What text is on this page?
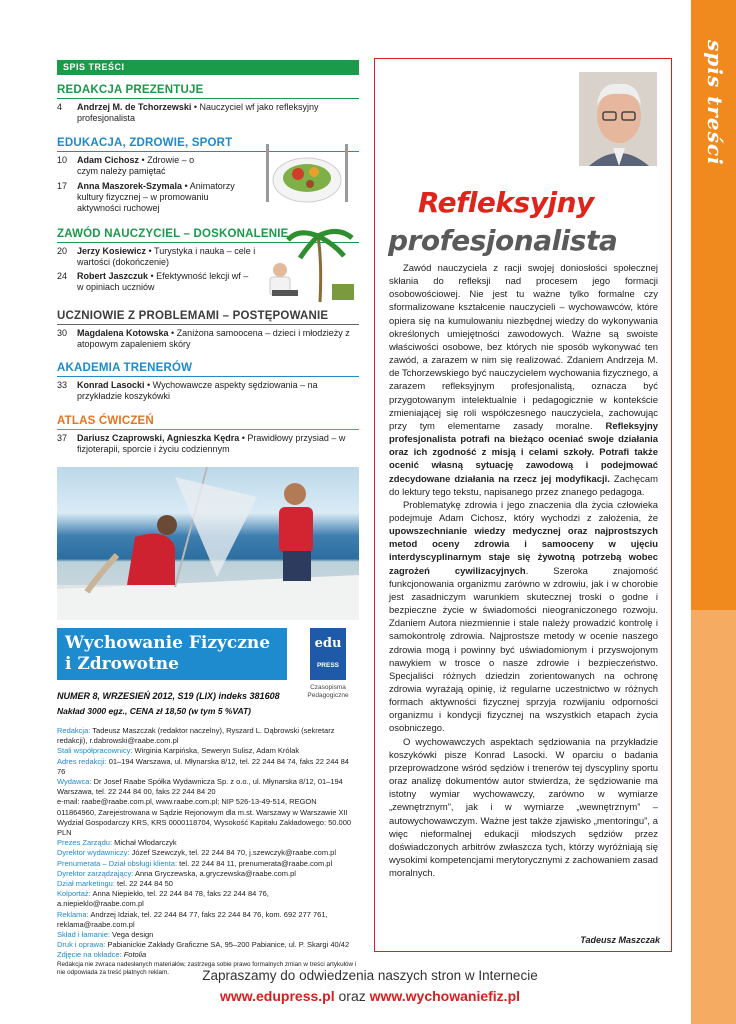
spis treści
SPIS TREŚCI
REDAKCJA PREZENTUJE
4	Andrzej M. de Tchorzewski • Nauczyciel wf jako refleksyjny profesjonalista
EDUKACJA, ZDROWIE, SPORT
10	Adam Cichosz • Zdrowie – o czym należy pamiętać
17	Anna Maszorek-Szymala • Animatorzy kultury fizycznej – w promowaniu aktywności ruchowej
ZAWÓD NAUCZYCIEL – DOSKONALENIE
20	Jerzy Kosiewicz • Turystyka i nauka – cele i wartości (dokończenie)
24	Robert Jaszczuk • Efektywność lekcji wf – w opiniach uczniów
UCZNIOWIE Z PROBLEMAMI – POSTĘPOWANIE
30	Magdalena Kotowska • Zaniżona samoocena – dzieci i młodzieży z atopowym zapaleniem skóry
AKADEMIA TRENERÓW
33	Konrad Lasocki • Wychowawcze aspekty sędziowania – na przykładzie koszykówki
ATLAS ĆWICZEŃ
37	Dariusz Czaprowski, Agnieszka Kędra • Prawidłowy przysiad – w fizjoterapii, sporcie i życiu codziennym
Wychowanie Fizyczne
i Zdrowotne
edu
PRESS
Czasopisma
Pedagogiczne
NUMER 8, WRZESIEŃ 2012, S19 (LIX) indeks 381608
Nakład 3000 egz., CENA zł 18,50 (w tym 5 %VAT)
Redakcja: Tadeusz Maszczak (redaktor naczelny), Ryszard L. Dąbrowski (sekretarz redakcji), r.dabrowski@raabe.com.pl
Stali współpracownicy: Wirginia Karpińska, Seweryn Sulisz, Adam Królak
Adres redakcji: 01–194 Warszawa, ul. Młynarska 8/12, tel. 22 244 84 74, faks 22 244 84 76
Wydawca: Dr Josef Raabe Spółka Wydawnicza Sp. z o.o., ul. Młynarska 8/12, 01–194 Warszawa, tel. 22 244 84 00, faks 22 244 84 20
e-mail: raabe@raabe.com.pl, www.raabe.com.pl; NIP 526-13-49-514, REGON 011864960, Zarejestrowana w Sądzie Rejonowym dla m.st. Warszawy w Warszawie XII Wydział Gospodarczy KRS, KRS 0000118704, Wysokość Kapitału Zakładowego: 50.000 PLN
Prezes Zarządu: Michał Włodarczyk
Dyrektor wydawniczy: Józef Szewczyk, tel. 22 244 84 70, j.szewczyk@raabe.com.pl
Prenumerata – Dział obsługi klienta: tel. 22 244 84 11, prenumerata@raabe.com.pl
Dyrektor zarządzający: Anna Gryczewska, a.gryczewska@raabe.com.pl
Dział marketingu: tel. 22 244 84 50
Kolportaż: Anna Niepiekło, tel. 22 244 84 78, faks 22 244 84 76, a.niepieklo@raabe.com.pl
Reklama: Andrzej Idziak, tel. 22 244 84 77, faks 22 244 84 76, kom. 692 277 761, reklama@raabe.com.pl
Skład i łamanie: Vega design
Druk i oprawa: Pabianickie Zakłady Graficzne SA, 95–200 Pabianice, ul. P. Skargi 40/42
Zdjęcie na okładce: Fotolia
Redakcja nie zwraca nadesłanych materiałów, zastrzega sobie prawo formalnych zmian w treści artykułów i nie odpowiada za treść płatnych reklam.
Refleksyjny
profesjonalista

Zawód nauczyciela z racji swojej doniosłości społecznej skłania do refleksji nad procesem jego formacji osobowościowej. Nie jest tu ważne tylko formalne czy sformalizowane kształcenie nauczycieli – wychowawców, które opiera się na kumulowaniu niezbędnej wiedzy do wykonywania określonych umiejętności zawodowych. Ważne są swoiste właściwości osobowe, bez których nie sposób wykonywać ten zawód, a zarazem w nim się realizować. Zdaniem Andrzeja M. de Tchorzewskiego być nauczycielem wychowania fizycznego, a zarazem refleksyjnym profesjonalistą, oznacza być przygotowanym intelektualnie i pedagogicznie w kontekście zmieniającej się roli współczesnego nauczyciela, zachowując przy tym elementarne zasady moralne. Refleksyjny profesjonalista potrafi na bieżąco oceniać swoje działania oraz ich zgodność z misją i celami szkoły. Potrafi także ocenić własną sytuację zawodową i podejmować zdecydowane działania na rzecz jej modyfikacji. Zachęcam do lektury tego tekstu, napisanego przez znanego pedagoga.

Problematykę zdrowia i jego znaczenia dla życia człowieka podejmuje Adam Cichosz, który wychodzi z założenia, że upowszechnianie wiedzy medycznej oraz najprostszych metod oceny zdrowia i samooceny w ujęciu interdyscyplinarnym staje się żywotną potrzebą wobec zagrożeń cywilizacyjnych. Szeroka znajomość funkcjonowania organizmu zarówno w zdrowiu, jak i w chorobie jest zasadniczym warunkiem skutecznej troski o godne i bezpieczne życie w świadomości nieograniczonego rozwoju. Zdaniem Autora niezmiennie i stale należy prowadzić kontrolę i samokontrolę zdrowia. Najprostsze metody w ocenie naszego zdrowia mogą i powinny być uświadomionym i przyswojonym nawykiem w trosce o nasze zdrowie i bezpieczeństwo. Specjaliści różnych dziedzin zorientowanych na ochronę zdrowia wyrażają opinię, iż regularne uczestnictwo w różnych formach aktywności fizycznej sprzyja rozwijaniu odporności organizmu i kondycji fizycznej na wszystkich etapach życia osobniczego.

O wychowawczych aspektach sędziowania na przykładzie koszykówki pisze Konrad Lasocki. W oparciu o badania przeprowadzone wśród sędziów i trenerów tej dyscypliny sportu oraz analizę dokumentów autor stwierdza, że sędziowanie ma istotny wymiar wychowawczy, zarówno w wymiarze „zewnętrznym”, jak i w wymiarze „wewnętrznym” – autowychowawczym. Ważne jest także zjawisko „mentoringu”, a więc nieformalnej edukacji młodszych sędziów przez doświadczonych arbitrów zwłaszcza tych, którzy wyróżniają się wysokimi kompetencjami merytorycznymi z zachowaniem zasad moralnych.

Tadeusz Maszczak
Zapraszamy do odwiedzenia naszych stron w Internecie
www.edupress.pl oraz www.wychowaniefiz.pl
